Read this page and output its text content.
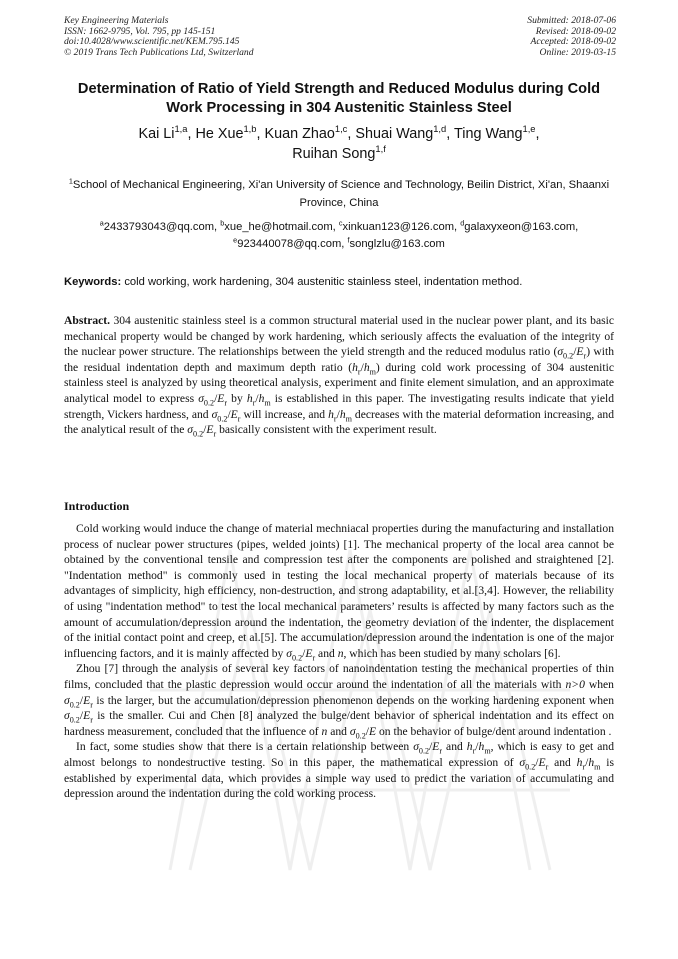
Key Engineering Materials
ISSN: 1662-9795, Vol. 795, pp 145-151
doi:10.4028/www.scientific.net/KEM.795.145
© 2019 Trans Tech Publications Ltd, Switzerland
Submitted: 2018-07-06
Revised: 2018-09-02
Accepted: 2018-09-02
Online: 2019-03-15
Determination of Ratio of Yield Strength and Reduced Modulus during Cold Work Processing in 304 Austenitic Stainless Steel
Kai Li$^{1,a}$, He Xue$^{1,b}$, Kuan Zhao$^{1,c}$, Shuai Wang$^{1,d}$, Ting Wang$^{1,e}$,
Ruihan Song$^{1,f}$
$^1$School of Mechanical Engineering, Xi'an University of Science and Technology, Beilin District, Xi'an, Shaanxi Province, China
$^a$2433793043@qq.com, $^b$xue_he@hotmail.com, $^c$xinkuan123@126.com, $^d$galaxyxeon@163.com,
$^e$923440078@qq.com, $^f$songlzlu@163.com
Keywords: cold working, work hardening, 304 austenitic stainless steel, indentation method.

Abstract. 304 austenitic stainless steel is a common structural material used in the nuclear power plant, and its basic mechanical property would be changed by work hardening, which seriously affects the evaluation of the integrity of the nuclear power structure. The relationships between the yield strength and the reduced modulus ratio $(\sigma_{0.2}/E_r)$ with the residual indentation depth and maximum depth ratio $(h_r/h_m)$ during cold work processing of 304 austenitic stainless steel is analyzed by using theoretical analysis, experiment and finite element simulation, and an approximate analytical model to express $\sigma_{0.2}/E_r$ by $h_r/h_m$ is established in this paper. The investigating results indicate that yield strength, Vickers hardness, and $\sigma_{0.2}/E_r$ will increase, and $h_r/h_m$ decreases with the material deformation increasing, and the analytical result of the $\sigma_{0.2}/E_r$ basically consistent with the experiment result.

Introduction

Cold working would induce the change of material mechniacal properties during the manufacturing and installation process of nuclear power structures (pipes, welded joints) [1]. The mechanical property of the local area cannot be obtained by the conventional tensile and compression test after the components are polished and straightened [2]. "Indentation method" is commonly used in testing the local mechanical property of materials because of its advantages of simplicity, high efficiency, non-destruction, and strong adaptability, et al.[3,4]. However, the reliability of using "indentation method" to test the local mechanical parameters’ results is affected by many factors such as the amount of accumulation/depression around the indentation, the geometry deviation of the indenter, the displacement of the initial contact point and creep, et al.[5]. The accumulation/depression around the indentation is one of the major influencing factors, and it is mainly affected by $\sigma_{0.2}/E_r$ and n, which has been studied by many scholars [6].

Zhou [7] through the analysis of several key factors of nanoindentation testing the mechanical properties of thin films, concluded that the plastic depression would occur around the indentation of all the materials with n>0 when $\sigma_{0.2}/E_r$ is the larger, but the accumulation/depression phenomenon depends on the working hardening exponent when $\sigma_{0.2}/E_r$ is the smaller. Cui and Chen [8] analyzed the bulge/dent behavior of spherical indentation and its effect on hardness measurement, concluded that the influence of n and $\sigma_{0.2}/E$ on the behavior of bulge/dent around indentation .

In fact, some studies show that there is a certain relationship between $\sigma_{0.2}/E_r$ and $h_r/h_m$, which is easy to get and almost belongs to nondestructive testing. So in this paper, the mathematical expression of $\sigma_{0.2}/E_r$ and $h_r/h_m$ is established by experimental data, which provides a simple way used to predict the variation of accumulating and depression around the indentation during the cold working process.
